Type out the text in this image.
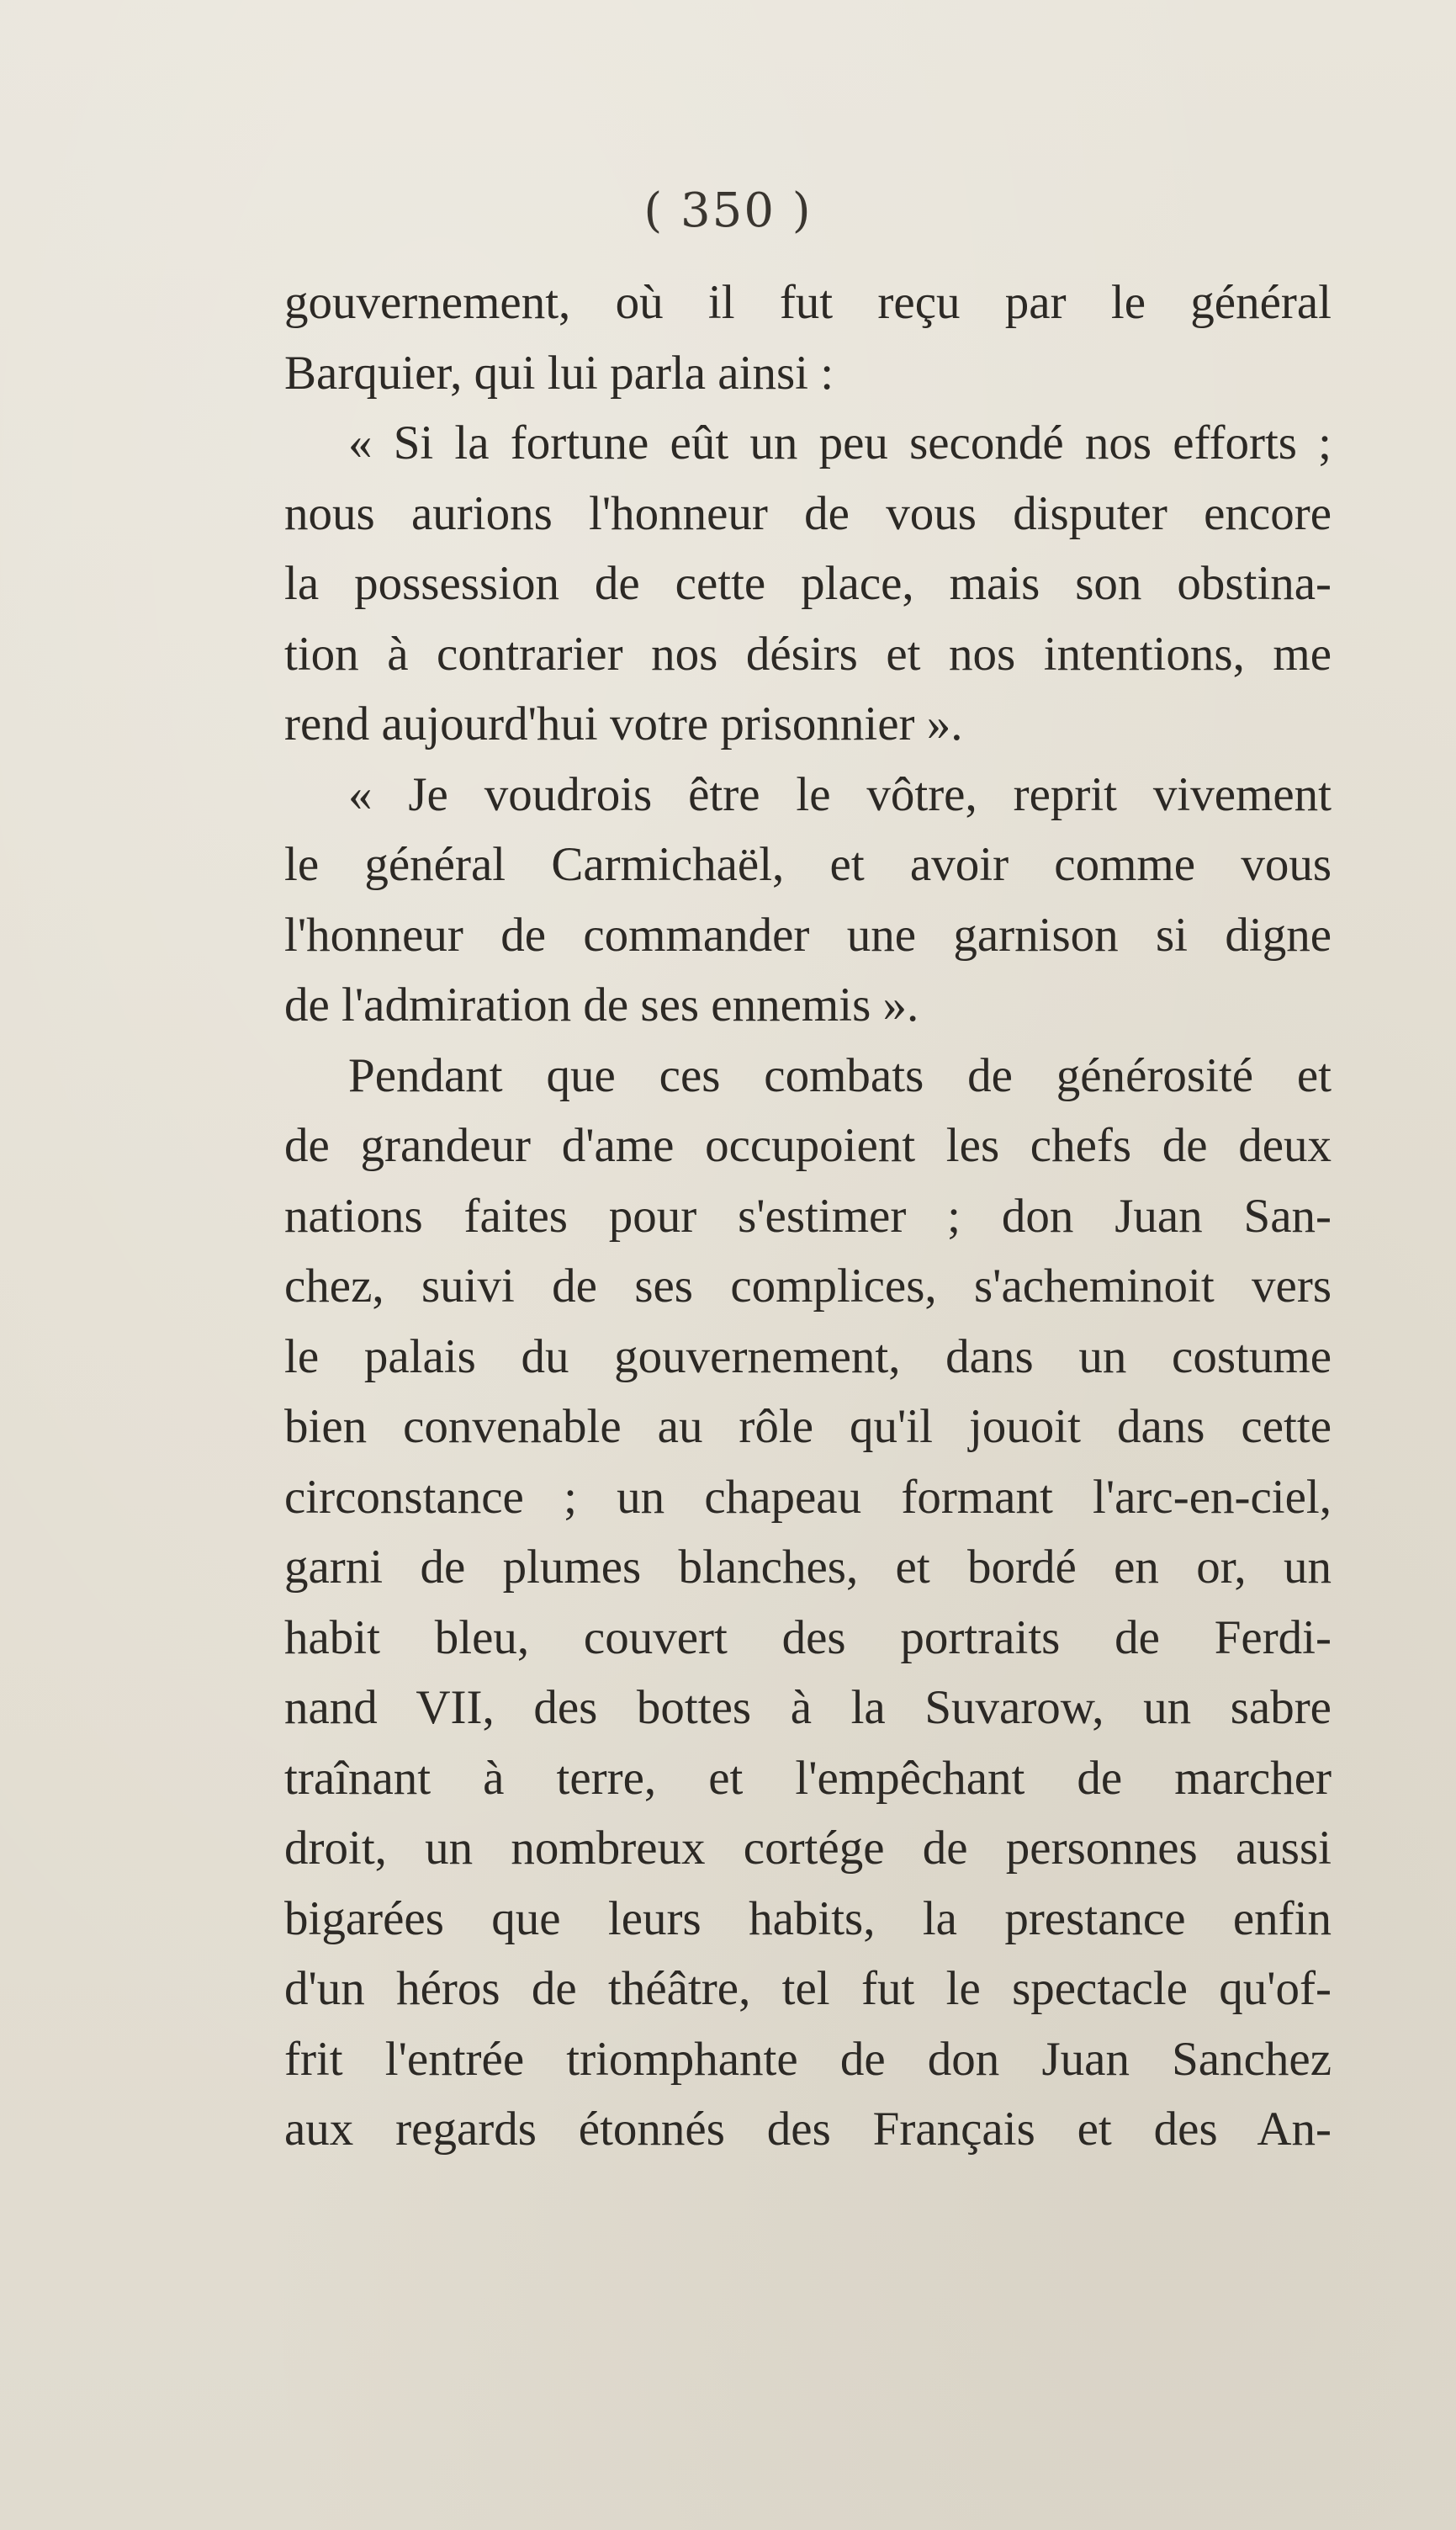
( 350 )
gouvernement, où il fut reçu par le général
Barquier, qui lui parla ainsi :
« Si la fortune eût un peu secondé nos efforts ;
nous aurions l'honneur de vous disputer encore
la possession de cette place, mais son obstina-
tion à contrarier nos désirs et nos intentions, me
rend aujourd'hui votre prisonnier ».
« Je voudrois être le vôtre, reprit vivement
le général Carmichaël, et avoir comme vous
l'honneur de commander une garnison si digne
de l'admiration de ses ennemis ».
Pendant que ces combats de générosité et
de grandeur d'ame occupoient les chefs de deux
nations faites pour s'estimer ; don Juan San-
chez, suivi de ses complices, s'acheminoit vers
le palais du gouvernement, dans un costume
bien convenable au rôle qu'il jouoit dans cette
circonstance ; un chapeau formant l'arc-en-ciel,
garni de plumes blanches, et bordé en or, un
habit bleu, couvert des portraits de Ferdi-
nand VII, des bottes à la Suvarow, un sabre
traînant à terre, et l'empêchant de marcher
droit, un nombreux cortége de personnes aussi
bigarées que leurs habits, la prestance enfin
d'un héros de théâtre, tel fut le spectacle qu'of-
frit l'entrée triomphante de don Juan Sanchez
aux regards étonnés des Français et des An-
